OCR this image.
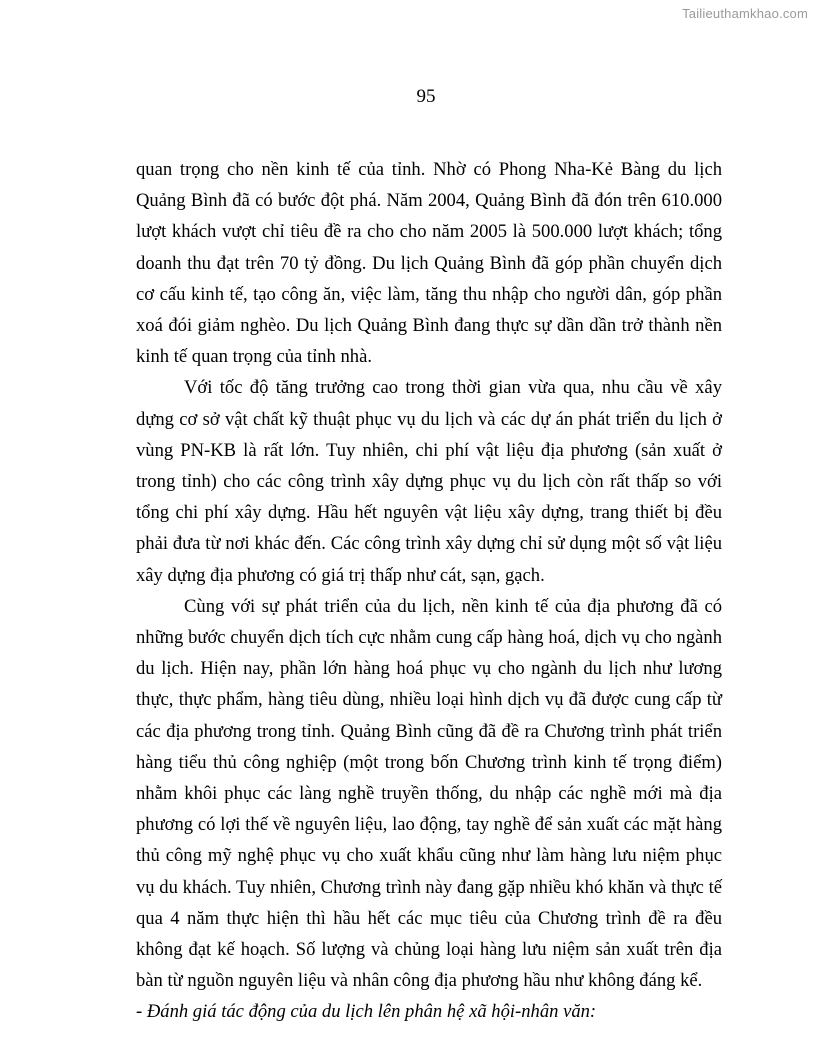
Tailieuthamkhao.com
95

quan trọng cho nền kinh tế của tỉnh. Nhờ có Phong Nha-Kẻ Bàng du lịch Quảng Bình đã có bước đột phá. Năm 2004, Quảng Bình đã đón trên 610.000 lượt khách vượt chỉ tiêu đề ra cho cho năm 2005 là 500.000 lượt khách; tổng doanh thu đạt trên 70 tỷ đồng. Du lịch Quảng Bình đã góp phần chuyển dịch cơ cấu kinh tế, tạo công ăn, việc làm, tăng thu nhập cho người dân, góp phần xoá đói giảm nghèo. Du lịch Quảng Bình đang thực sự dần dần trở thành nền kinh tế quan trọng của tỉnh nhà.

Với tốc độ tăng trưởng cao trong thời gian vừa qua, nhu cầu về xây dựng cơ sở vật chất kỹ thuật phục vụ du lịch và các dự án phát triển du lịch ở vùng PN-KB là rất lớn. Tuy nhiên, chi phí vật liệu địa phương (sản xuất ở trong tỉnh) cho các công trình xây dựng phục vụ du lịch còn rất thấp so với tổng chi phí xây dựng. Hầu hết nguyên vật liệu xây dựng, trang thiết bị đều phải đưa từ nơi khác đến. Các công trình xây dựng chỉ sử dụng một số vật liệu xây dựng địa phương có giá trị thấp như cát, sạn, gạch.

Cùng với sự phát triển của du lịch, nền kinh tế của địa phương đã có những bước chuyển dịch tích cực nhằm cung cấp hàng hoá, dịch vụ cho ngành du lịch. Hiện nay, phần lớn hàng hoá phục vụ cho ngành du lịch như lương thực, thực phẩm, hàng tiêu dùng, nhiều loại hình dịch vụ đã được cung cấp từ các địa phương trong tỉnh. Quảng Bình cũng đã đề ra Chương trình phát triển hàng tiểu thủ công nghiệp (một trong bốn Chương trình kinh tế trọng điểm) nhằm khôi phục các làng nghề truyền thống, du nhập các nghề mới mà địa phương có lợi thế về nguyên liệu, lao động, tay nghề để sản xuất các mặt hàng thủ công mỹ nghệ phục vụ cho xuất khẩu cũng như làm hàng lưu niệm phục vụ du khách. Tuy nhiên, Chương trình này đang gặp nhiều khó khăn và thực tế qua 4 năm thực hiện thì hầu hết các mục tiêu của Chương trình đề ra đều không đạt kế hoạch. Số lượng và chủng loại hàng lưu niệm sản xuất trên địa bàn từ nguồn nguyên liệu và nhân công địa phương hầu như không đáng kể.

- Đánh giá tác động của du lịch lên phân hệ xã hội-nhân văn:
